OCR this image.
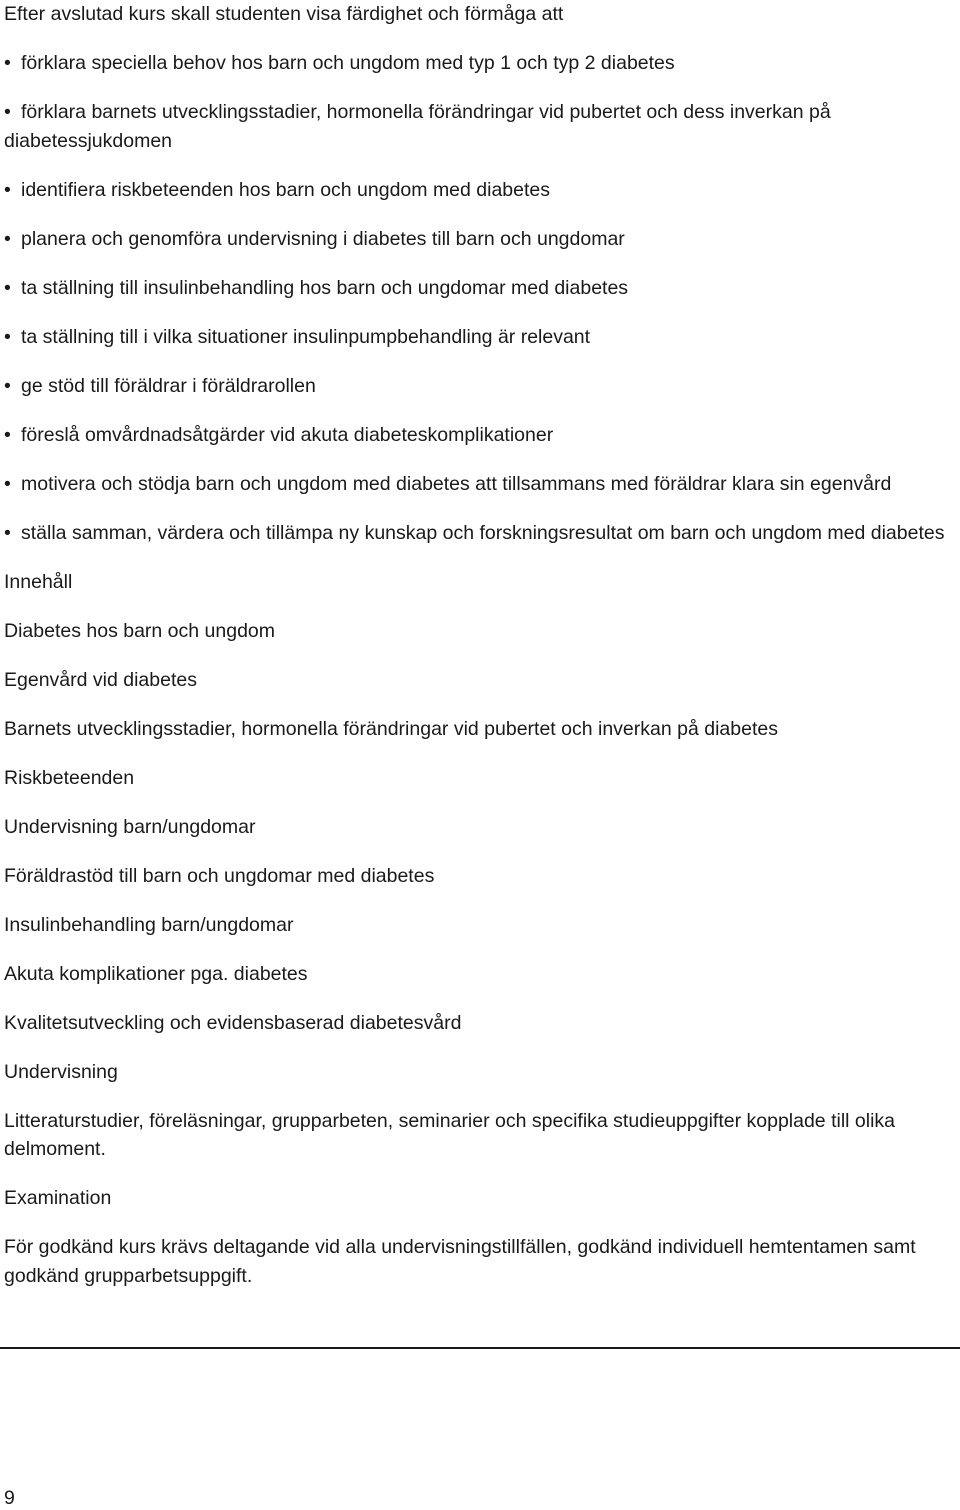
Efter avslutad kurs skall studenten visa färdighet och förmåga att

• förklara speciella behov hos barn och ungdom med typ 1 och typ 2 diabetes
• förklara barnets utvecklingsstadier, hormonella förändringar vid pubertet och dess inverkan på diabetessjukdomen
• identifiera riskbeteenden hos barn och ungdom med diabetes
• planera och genomföra undervisning i diabetes till barn och ungdomar
• ta ställning till insulinbehandling hos barn och ungdomar med diabetes
• ta ställning till i vilka situationer insulinpumpbehandling är relevant
• ge stöd till föräldrar i föräldrarollen
• föreslå omvårdnadsåtgärder vid akuta diabeteskomplikationer
• motivera och stödja barn och ungdom med diabetes att tillsammans med föräldrar klara sin egenvård
• ställa samman, värdera och tillämpa ny kunskap och forskningsresultat om barn och ungdom med diabetes

Innehåll

Diabetes hos barn och ungdom

Egenvård vid diabetes

Barnets utvecklingsstadier, hormonella förändringar vid pubertet och inverkan på diabetes

Riskbeteenden

Undervisning barn/ungdomar

Föräldrastöd till barn och ungdomar med diabetes

Insulinbehandling barn/ungdomar

Akuta komplikationer pga. diabetes

Kvalitetsutveckling och evidensbaserad diabetesvård

Undervisning

Litteraturstudier, föreläsningar, grupparbeten, seminarier och specifika studieuppgifter kopplade till olika delmoment.

Examination

För godkänd kurs krävs deltagande vid alla undervisningstillfällen, godkänd individuell hemtentamen samt godkänd grupparbetsuppgift.

9
